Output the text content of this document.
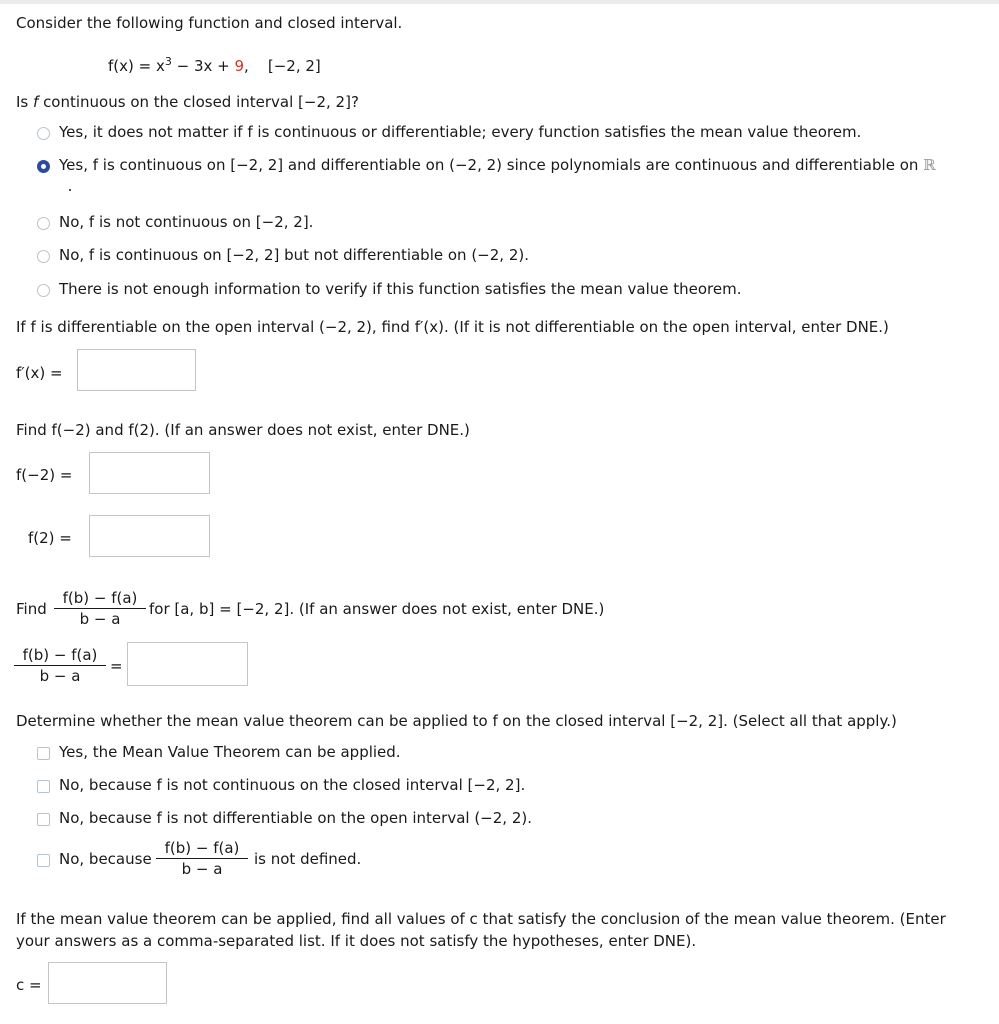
Consider the following function and closed interval.
$f(x) = x^3 - 3x + 9$, [−2, 2]
Is f continuous on the closed interval [−2, 2]?
Yes, it does not matter if f is continuous or differentiable; every function satisfies the mean value theorem.
Yes, f is continuous on [−2, 2] and differentiable on (−2, 2) since polynomials are continuous and differentiable on ℝ
No, f is not continuous on [−2, 2].
No, f is continuous on [−2, 2] but not differentiable on (−2, 2).
There is not enough information to verify if this function satisfies the mean value theorem.
If f is differentiable on the open interval (−2, 2), find f′(x). (If it is not differentiable on the open interval, enter DNE.)
f′(x) =
Find f(−2) and f(2). (If an answer does not exist, enter DNE.)
f(−2) =
f(2) =
Find
f(b) − f(a)
b − a
for [a, b] = [−2, 2]. (If an answer does not exist, enter DNE.)
f(b) − f(a)
b − a
=
Determine whether the mean value theorem can be applied to f on the closed interval [−2, 2]. (Select all that apply.)
Yes, the Mean Value Theorem can be applied.
No, because f is not continuous on the closed interval [−2, 2].
No, because f is not differentiable on the open interval (−2, 2).
No, because
f(b) − f(a)
b − a
is not defined.
If the mean value theorem can be applied, find all values of c that satisfy the conclusion of the mean value theorem. (Enter
your answers as a comma-separated list. If it does not satisfy the hypotheses, enter DNE).
c =
